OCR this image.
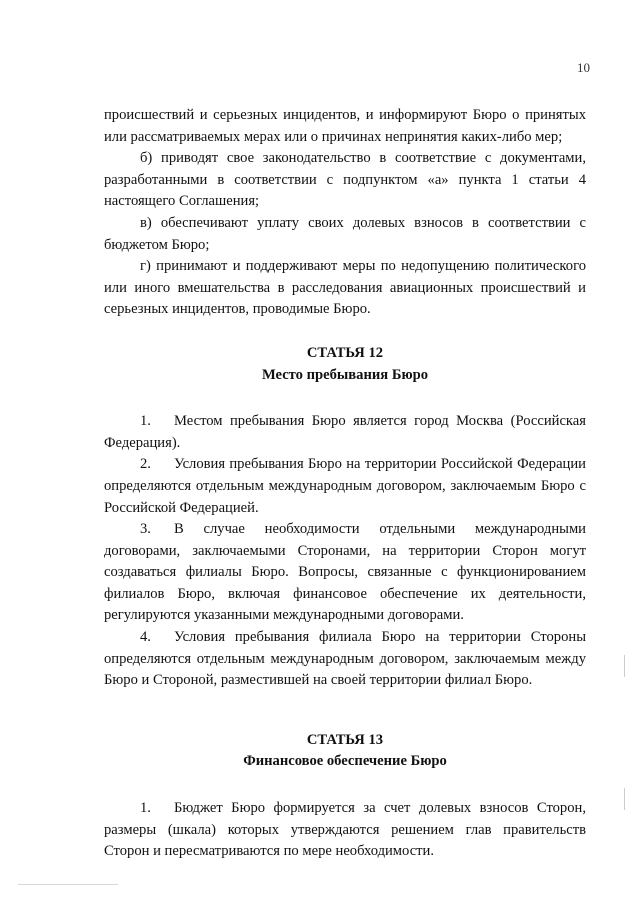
10

происшествий и серьезных инцидентов, и информируют Бюро о принятых или рассматриваемых мерах или о причинах непринятия каких-либо мер;

б) приводят свое законодательство в соответствие с документами, разработанными в соответствии с подпунктом «а» пункта 1 статьи 4 настоящего Соглашения;

в) обеспечивают уплату своих долевых взносов в соответствии с бюджетом Бюро;

г) принимают и поддерживают меры по недопущению политического или иного вмешательства в расследования авиационных происшествий и серьезных инцидентов, проводимые Бюро.

СТАТЬЯ 12

Место пребывания Бюро

1. Местом пребывания Бюро является город Москва (Российская Федерация).

2. Условия пребывания Бюро на территории Российской Федерации определяются отдельным международным договором, заключаемым Бюро с Российской Федерацией.

3. В случае необходимости отдельными международными договорами, заключаемыми Сторонами, на территории Сторон могут создаваться филиалы Бюро. Вопросы, связанные с функционированием филиалов Бюро, включая финансовое обеспечение их деятельности, регулируются указанными международными договорами.

4. Условия пребывания филиала Бюро на территории Стороны определяются отдельным международным договором, заключаемым между Бюро и Стороной, разместившей на своей территории филиал Бюро.

СТАТЬЯ 13

Финансовое обеспечение Бюро

1. Бюджет Бюро формируется за счет долевых взносов Сторон, размеры (шкала) которых утверждаются решением глав правительств Сторон и пересматриваются по мере необходимости.
